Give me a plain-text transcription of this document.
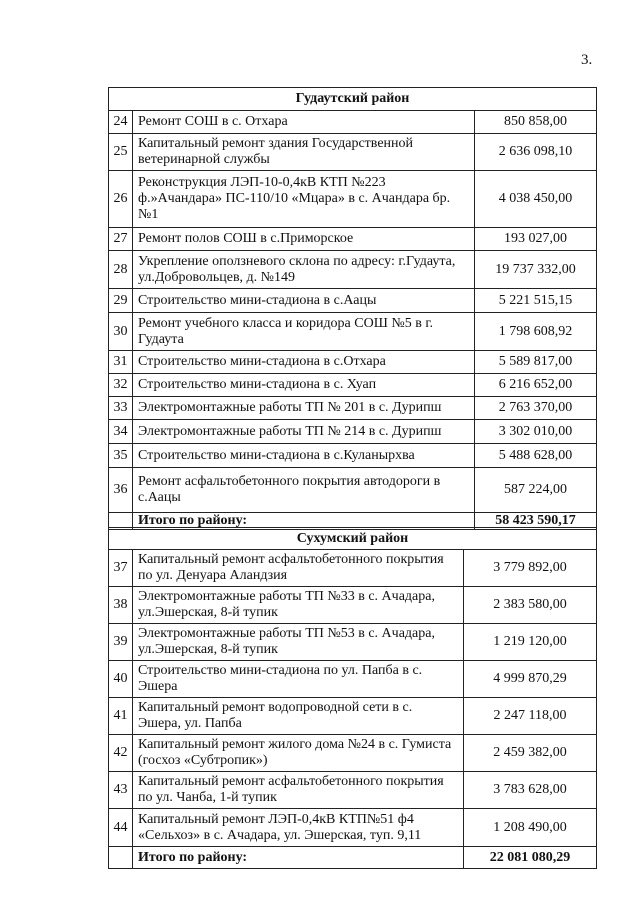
3.
Гудаутский район		
24	Ремонт СОШ в с. Отхара	850 858,00
25	Капитальный ремонт здания Государственной ветеринарной службы	2 636 098,10
26	Реконструкция ЛЭП-10-0,4кВ КТП №223 ф.»Ачандара» ПС-110/10 «Мцара» в с. Ачандара бр. №1	4 038 450,00
27	Ремонт полов СОШ в с.Приморское	193 027,00
28	Укрепление оползневого склона по адресу: г.Гудаута, ул.Добровольцев, д. №149	19 737 332,00
29	Строительство мини-стадиона в с.Аацы	5 221 515,15
30	Ремонт учебного класса и коридора СОШ №5 в г. Гудаута	1 798 608,92
31	Строительство мини-стадиона в с.Отхара	5 589 817,00
32	Строительство мини-стадиона в с. Хуап	6 216 652,00
33	Электромонтажные работы ТП № 201 в с. Дурипш	2 763 370,00
34	Электромонтажные работы ТП № 214 в с. Дурипш	3 302 010,00
35	Строительство мини-стадиона в с.Куланырхва	5 488 628,00
36	Ремонт асфальтобетонного покрытия автодороги в с.Аацы	587 224,00
	Итого по району:	58 423 590,17
Сухумский район		
37	Капитальный ремонт асфальтобетонного покрытия по ул. Денуара Аландзия	3 779 892,00
38	Электромонтажные работы ТП №33 в с. Ачадара, ул.Эшерская, 8-й тупик	2 383 580,00
39	Электромонтажные работы ТП №53 в с. Ачадара, ул.Эшерская, 8-й тупик	1 219 120,00
40	Строительство мини-стадиона по ул. Папба в с. Эшера	4 999 870,29
41	Капитальный ремонт водопроводной сети в с. Эшера, ул. Папба	2 247 118,00
42	Капитальный ремонт жилого дома №24 в с. Гумиста (госхоз «Субтропик»)	2 459 382,00
43	Капитальный ремонт асфальтобетонного покрытия по ул. Чанба, 1-й тупик	3 783 628,00
44	Капитальный ремонт ЛЭП-0,4кВ КТП№51 ф4 «Сельхоз» в с. Ачадара, ул. Эшерская, туп. 9,11	1 208 490,00
	Итого по району:	22 081 080,29
